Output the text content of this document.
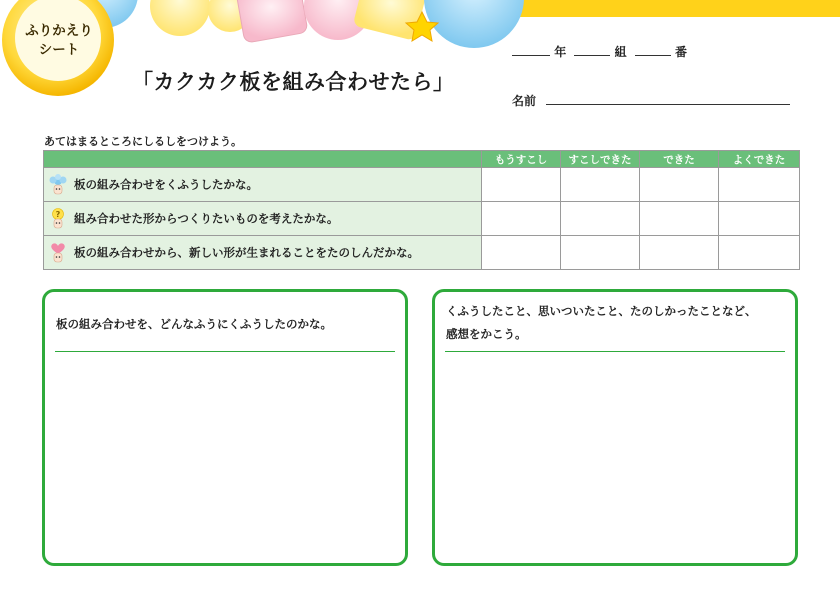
ふりかえり
シート
「カクカク板を組み合わせたら」
年	組	番
名前
あてはまるところにしるしをつけよう。
	もうすこし	すこしできた	できた	よくできた
板の組み合わせをくふうしたかな。				

? 組み合わせた形からつくりたいものを考えたかな。				
板の組み合わせから、新しい形が生まれることをたのしんだかな。				
板の組み合わせを、どんなふうにくふうしたのかな。
くふうしたこと、思いついたこと、たのしかったことなど、
感想をかこう。
